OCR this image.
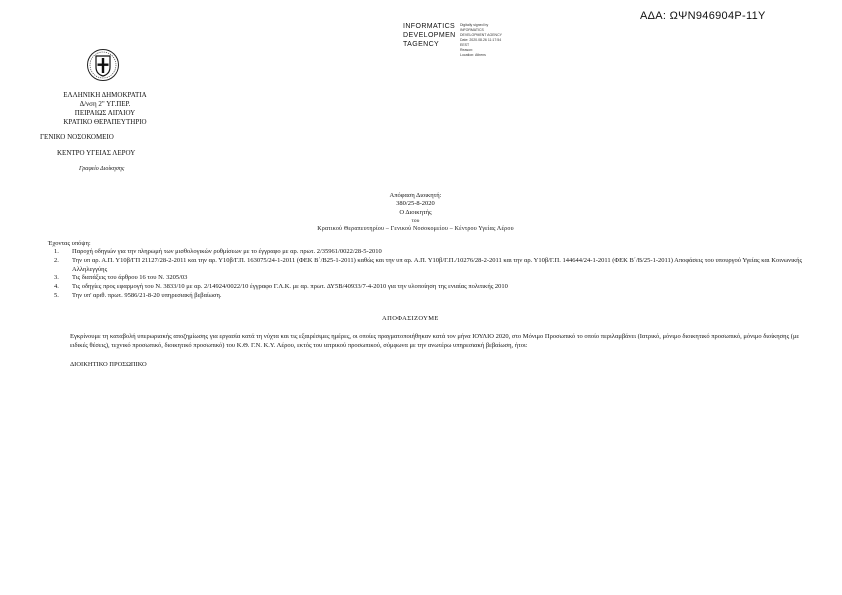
ΑΔΑ: ΩΨΝ946904Ρ-11Υ
INFORMATICS
DEVELOPMEN
TAGENCY
Digitally signed by
INFORMATICS
DEVELOPMENT AGENCY
Date: 2020.08.26 11:17:54
EEST
Reason:
Location: Athens
ΕΛΛΗΝΙΚΗ ΔΗΜΟΚΡΑΤΙΑ
Δ/νση 2" ΥΓ.ΠΕΡ.
ΠΕΙΡΑΙΩΣ ΑΙΓΑΙΟΥ
ΚΡΑΤΙΚΟ ΘΕΡΑΠΕΥΤΗΡΙΟ
ΓΕΝΙΚΟ ΝΟΣΟΚΟΜΕΙΟ
ΚΕΝΤΡΟ ΥΓΕΙΑΣ ΛΕΡΟΥ
Γραφείο Διοίκησης
Απόφαση Διοικητή:
380/25-8-2020
Ο Διοικητής
του
Κρατικού Θεραπευτηρίου – Γενικού Νοσοκομείου – Κέντρου Υγείας Λέρου
Έχοντας υπόψη:
1.	Παροχή οδηγιών για την πληρωμή των μισθολογικών ρυθμίσεων με το έγγραφο με αρ. πρωτ. 2/35961/0022/28-5-2010
2.	Την υπ αρ. Α.Π. Υ10β/ΓΠ 21127/28-2-2011 και την αρ. Υ10β/Γ.Π. 163075/24-1-2011 (ΦΕΚ Β΄/Β25-1-2011) καθώς και την υπ αρ. Α.Π. Υ10β/Γ.Π./10276/28-2-2011 και την αρ. Υ10β/Γ.Π. 144644/24-1-2011 (ΦΕΚ Β΄/Β/25-1-2011) Αποφάσεις του υπουργού Υγείας και Κοινωνικής Αλληλεγγύης
3.	Τις διατάξεις του άρθρου 16 του Ν. 3205/03
4.	Τις οδηγίες προς εφαρμογή του Ν. 3833/10 με αρ. 2/14924/0022/10 έγγραφο Γ.Λ.Κ. με αρ. πρωτ. ΔΥ5Β/40933/7-4-2010 για την υλοποίηση της ενιαίας πολιτικής 2010
5.	Την υπ' αριθ. πρωτ. 9586/21-8-20 υπηρεσιακή βεβαίωση.
ΑΠΟΦΑΣΙΖΟΥΜΕ
Εγκρίνουμε τη καταβολή υπερωριακής αποζημίωσης για εργασία κατά τη νύχτα και τις εξαιρέσιμες ημέρες, οι οποίες πραγματοποιήθηκαν κατά τον μήνα ΙΟΥΛΙΟ 2020, στο Μόνιμο Προσωπικό το οποίο περιλαμβάνει (Ιατρικό, μόνιμο διοικητικό προσωπικό, μόνιμο διοίκησης (με ειδικές θέσεις), τεχνικό προσωπικό, διοικητικό προσωπικό) του Κ.Θ. Γ.Ν. Κ.Υ. Λέρου, εκτός του ιατρικού προσωπικού, σύμφωνα με την ανωτέρω υπηρεσιακή βεβαίωση, ήτοι:
ΔΙΟΙΚΗΤΙΚΟ ΠΡΟΣΩΠΙΚΟ
